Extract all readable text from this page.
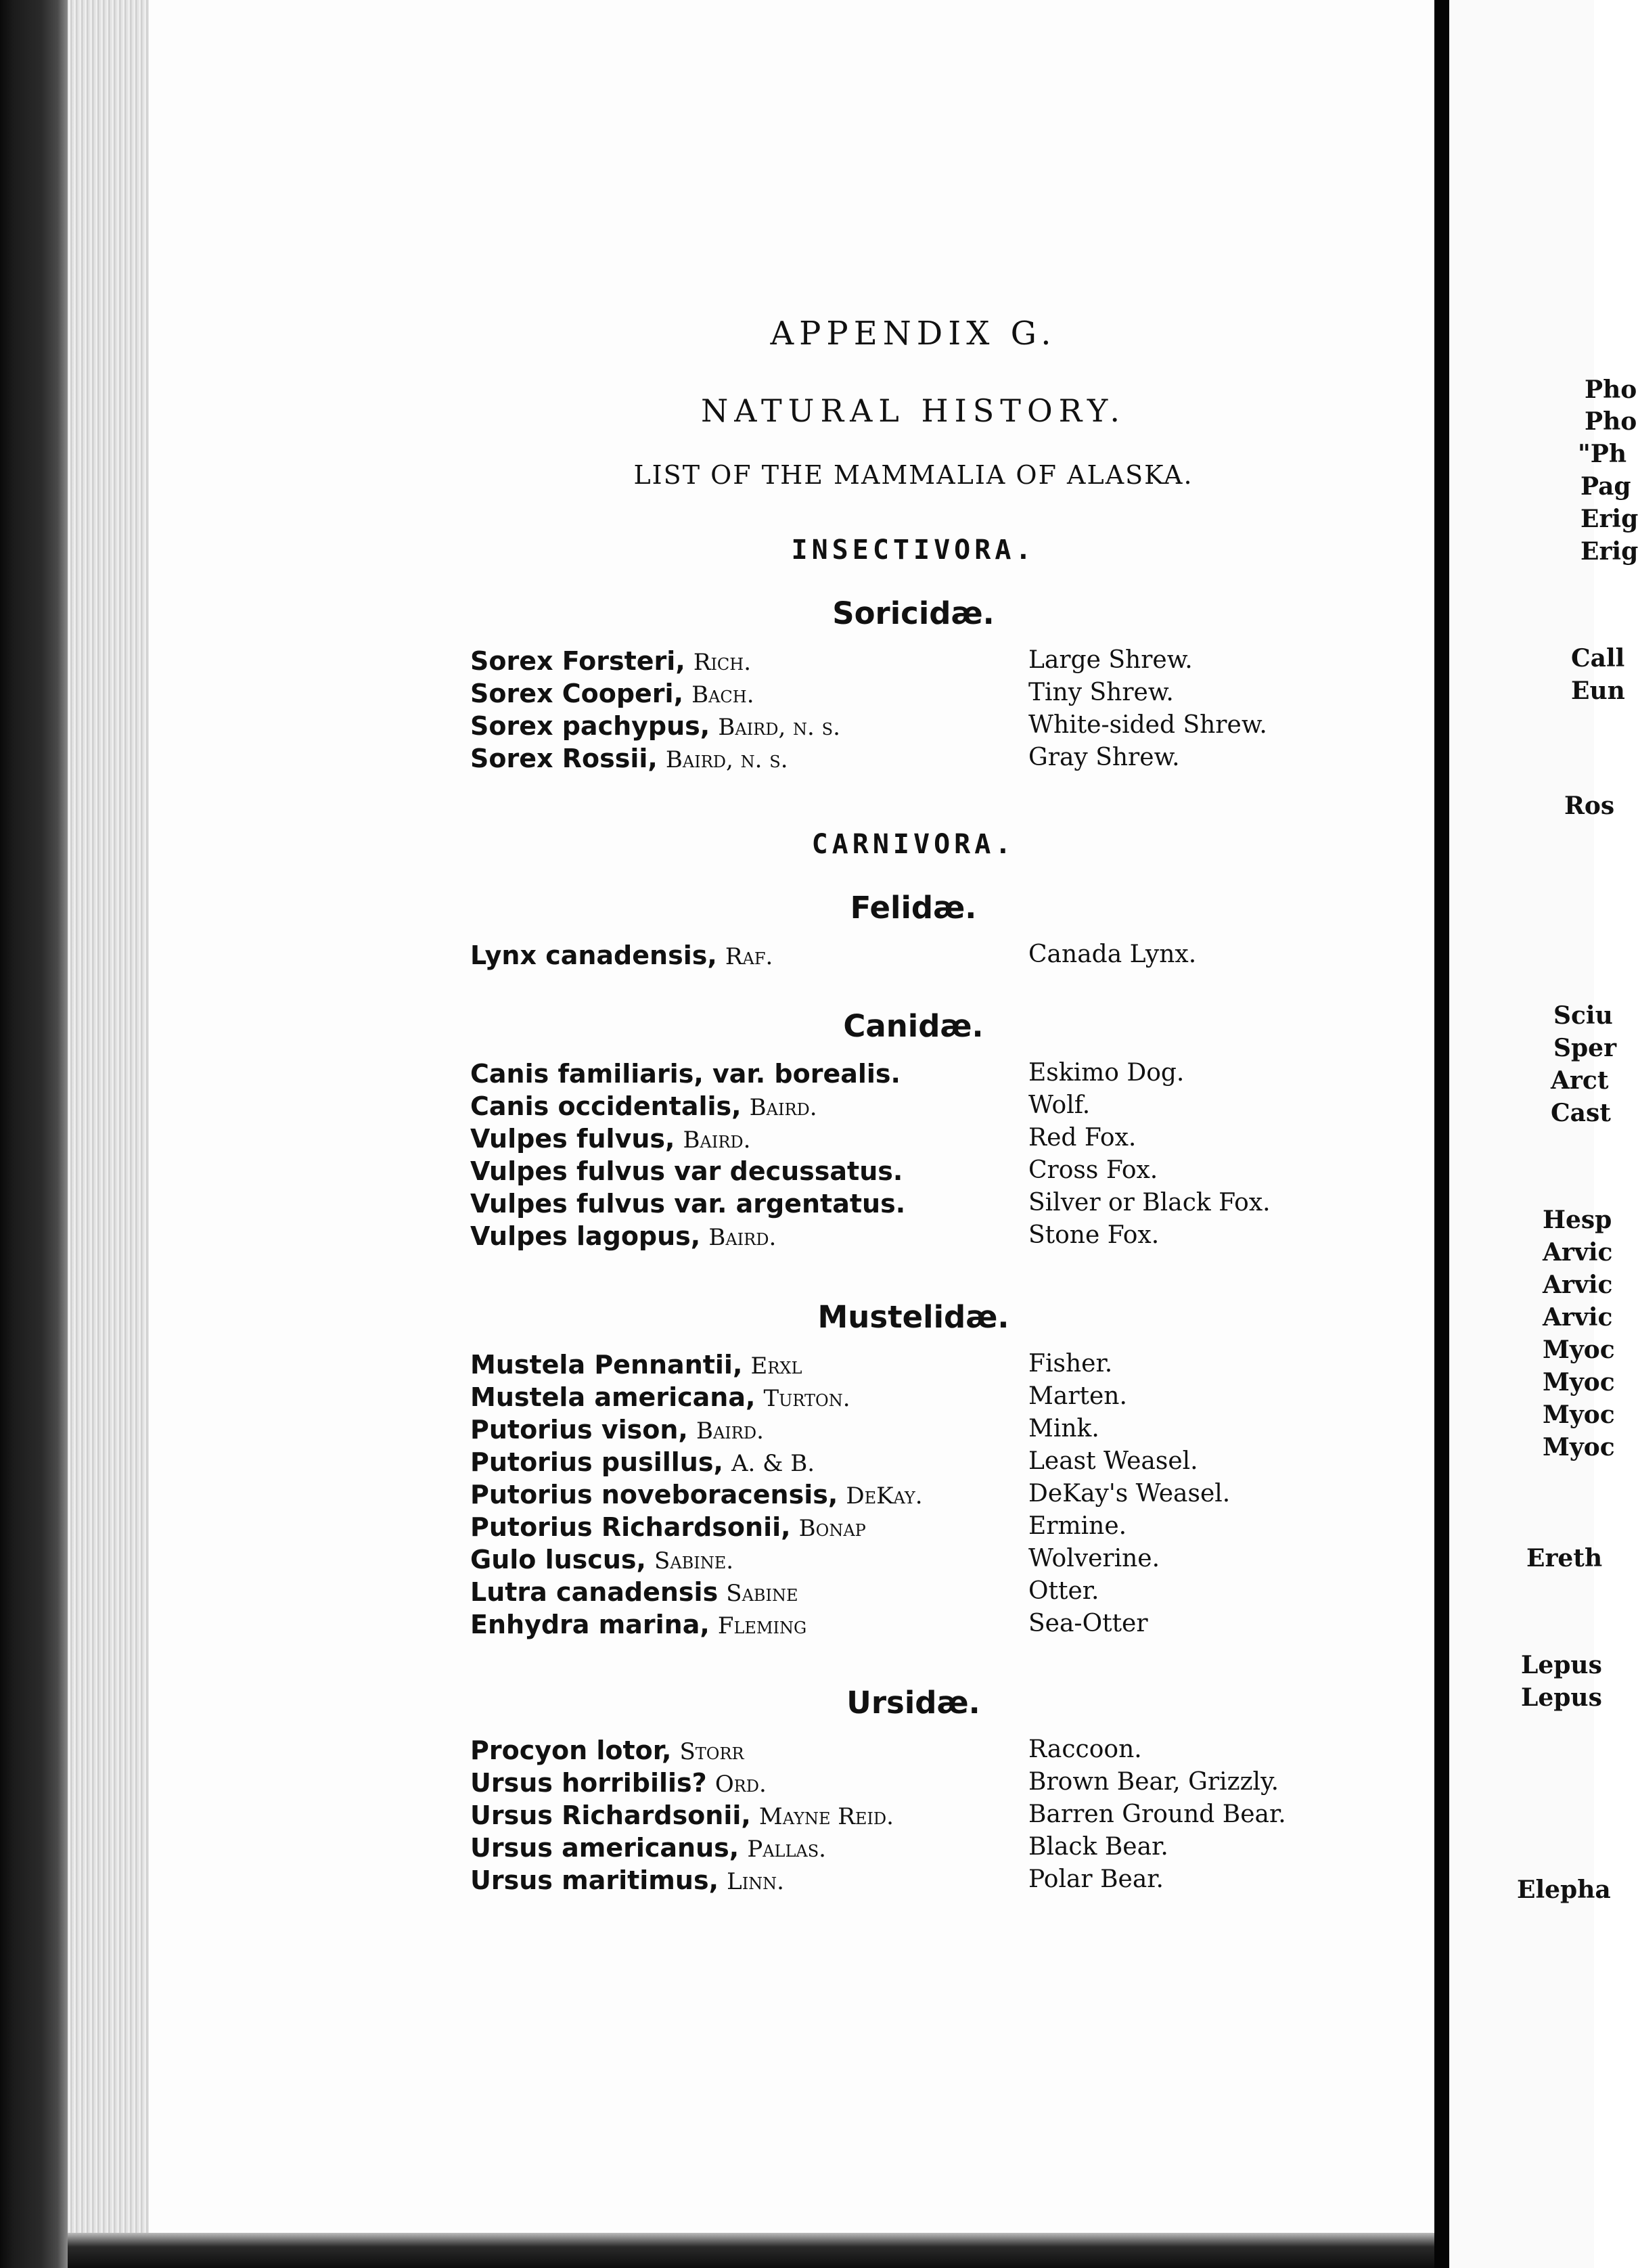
Pho
Pho
"Ph
Pag
Erig
Erig
Call
Eun
Ros
Sciu
Sper
Arct
Cast
Hesp
Arvic
Arvic
Arvic
Myoc
Myoc
Myoc
Myoc
Ereth
Lepus
Lepus
Elepha
APPENDIX G.
NATURAL HISTORY.
LIST OF THE MAMMALIA OF ALASKA.
INSECTIVORA.
Soricidæ.
Sorex Forsteri, Rich.	Large Shrew.
Sorex Cooperi, Bach.	Tiny Shrew.
Sorex pachypus, Baird, n. s.	White-sided Shrew.
Sorex Rossii, Baird, n. s.	Gray Shrew.
CARNIVORA.
Felidæ.
Lynx canadensis, Raf.	Canada Lynx.
Canidæ.
Canis familiaris, var. borealis.	Eskimo Dog.
Canis occidentalis, Baird.	Wolf.
Vulpes fulvus, Baird.	Red Fox.
Vulpes fulvus var decussatus.	Cross Fox.
Vulpes fulvus var. argentatus.	Silver or Black Fox.
Vulpes lagopus, Baird.	Stone Fox.
Mustelidæ.
Mustela Pennantii, Erxl	Fisher.
Mustela americana, Turton.	Marten.
Putorius vison, Baird.	Mink.
Putorius pusillus, A. & B.	Least Weasel.
Putorius noveboracensis, DeKay.	DeKay's Weasel.
Putorius Richardsonii, Bonap	Ermine.
Gulo luscus, Sabine.	Wolverine.
Lutra canadensis Sabine	Otter.
Enhydra marina, Fleming	Sea-Otter
Ursidæ.
Procyon lotor, Storr	Raccoon.
Ursus horribilis? Ord.	Brown Bear, Grizzly.
Ursus Richardsonii, Mayne Reid.	Barren Ground Bear.
Ursus americanus, Pallas.	Black Bear.
Ursus maritimus, Linn.	Polar Bear.
